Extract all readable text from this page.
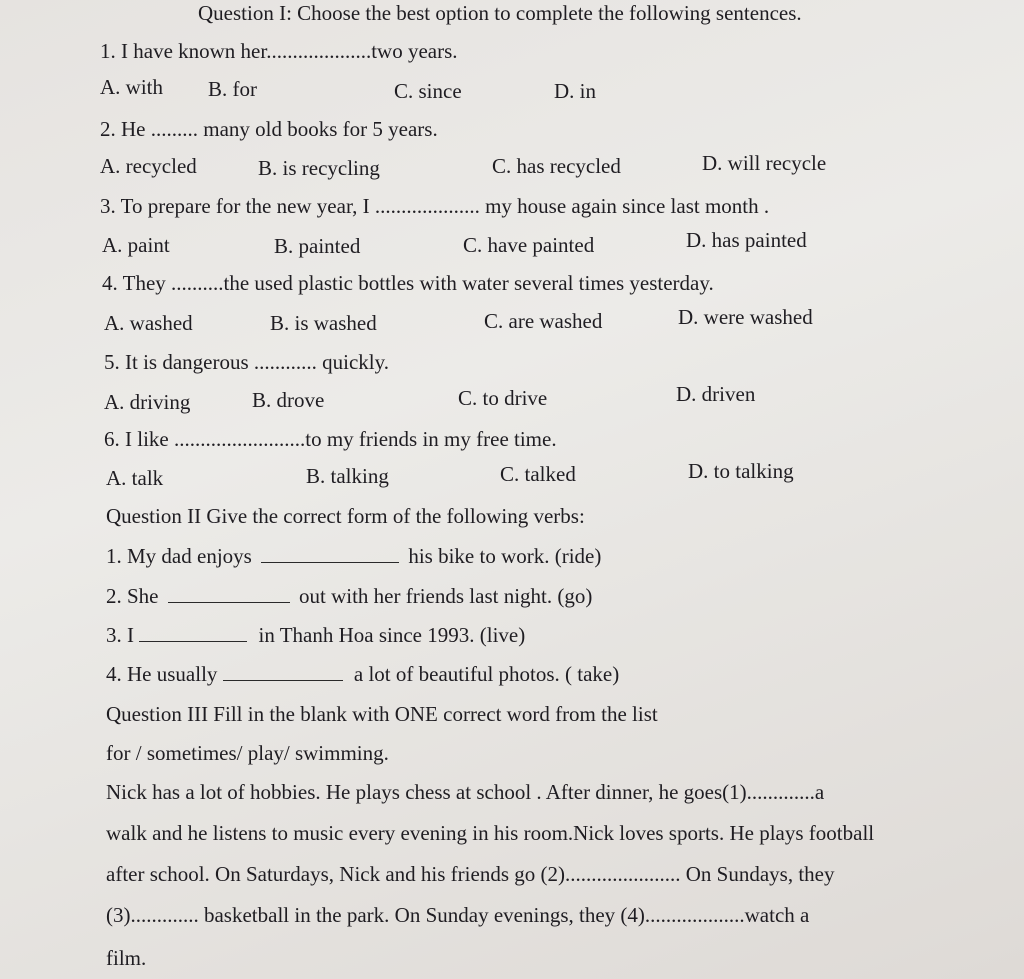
Question I: Choose the best option to complete the following sentences.
1. I have known her....................two years.
A. with B. for	C. since	D. in
2. He ......... many old books for 5 years.
A. recycled	B. is recycling	C. has recycled	D. will recycle
3. To prepare for the new year, I .................... my house again since last month .
A. paint	B. painted	C. have painted	D. has painted
4. They ..........the used plastic bottles with water several times yesterday.
A. washed	B. is washed	C. are washed	D. were washed
5. It is dangerous ............ quickly.
A. driving	B. drove	C. to drive	D. driven
6. I like .........................to my friends in my free time.
A. talk	B. talking	C. talked	D. to talking
Question II Give the correct form of the following verbs:
1. My dad enjoys	his bike to work. (ride)
2. She	out with her friends last night. (go)
3. I	in Thanh Hoa since 1993. (live)
4. He usually	a lot of beautiful photos. ( take)
Question III Fill in the blank with ONE correct word from the list
for / sometimes/ play/ swimming.
Nick has a lot of hobbies. He plays chess at school . After dinner, he goes(1).............a
walk and he listens to music every evening in his room.Nick loves sports. He plays football
after school. On Saturdays, Nick and his friends go (2)...................... On Sundays, they
(3)............. basketball in the park. On Sunday evenings, they (4)...................watch a
film.
